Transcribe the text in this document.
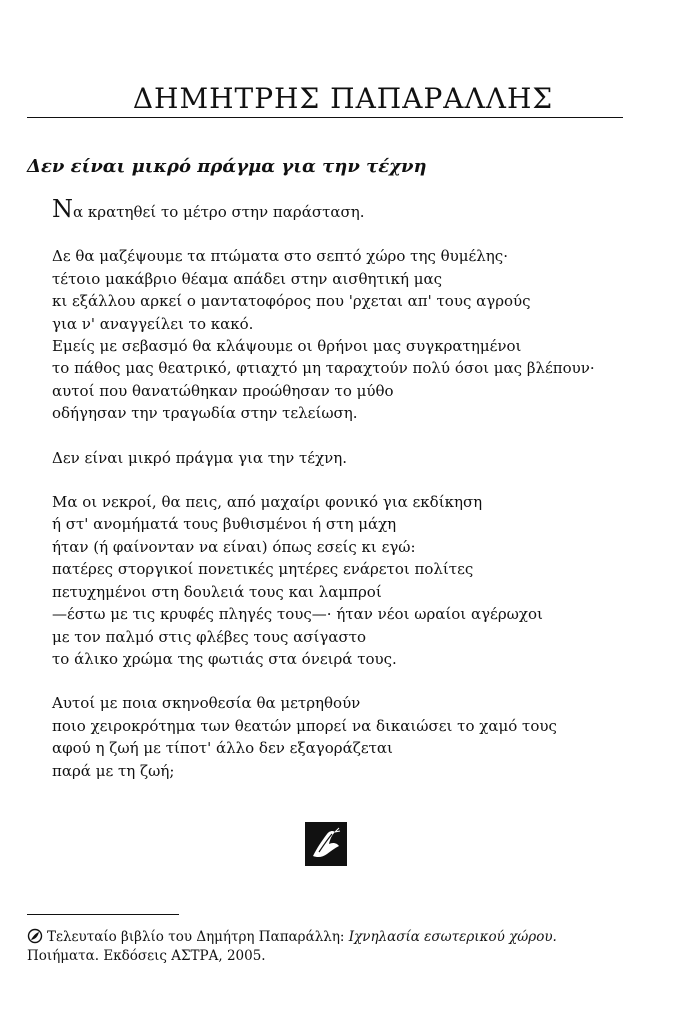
ΔΗΜΗΤΡΗΣ ΠΑΠΑΡΑΛΛΗΣ
Δεν είναι μικρό πράγμα για την τέχνη
Να κρατηθεί το μέτρο στην παράσταση.
Δε θα μαζέψουμε τα πτώματα στο σεπτό χώρο της θυμέλης·
τέτοιο μακάβριο θέαμα απάδει στην αισθητική μας
κι εξάλλου αρκεί ο μαντατοφόρος που 'ρχεται απ' τους αγρούς
για ν' αναγγείλει το κακό.
Εμείς με σεβασμό θα κλάψουμε οι θρήνοι μας συγκρατημένοι
το πάθος μας θεατρικό, φτιαχτό μη ταραχτούν πολύ όσοι μας βλέπουν·
αυτοί που θανατώθηκαν προώθησαν το μύθο
οδήγησαν την τραγωδία στην τελείωση.
Δεν είναι μικρό πράγμα για την τέχνη.
Μα οι νεκροί, θα πεις, από μαχαίρι φονικό για εκδίκηση
ή στ' ανομήματά τους βυθισμένοι ή στη μάχη
ήταν (ή φαίνονταν να είναι) όπως εσείς κι εγώ:
πατέρες στοργικοί πονετικές μητέρες ενάρετοι πολίτες
πετυχημένοι στη δουλειά τους και λαμπροί
—έστω με τις κρυφές πληγές τους—· ήταν νέοι ωραίοι αγέρωχοι
με τον παλμό στις φλέβες τους ασίγαστο
το άλικο χρώμα της φωτιάς στα όνειρά τους.
Αυτοί με ποια σκηνοθεσία θα μετρηθούν
ποιο χειροκρότημα των θεατών μπορεί να δικαιώσει το χαμό τους
αφού η ζωή με τίποτ' άλλο δεν εξαγοράζεται
παρά με τη ζωή;
Τελευταίο βιβλίο του Δημήτρη Παπαράλλη: Ιχνηλασία εσωτερικού χώρου.
Ποιήματα. Εκδόσεις ΑΣΤΡΑ, 2005.
